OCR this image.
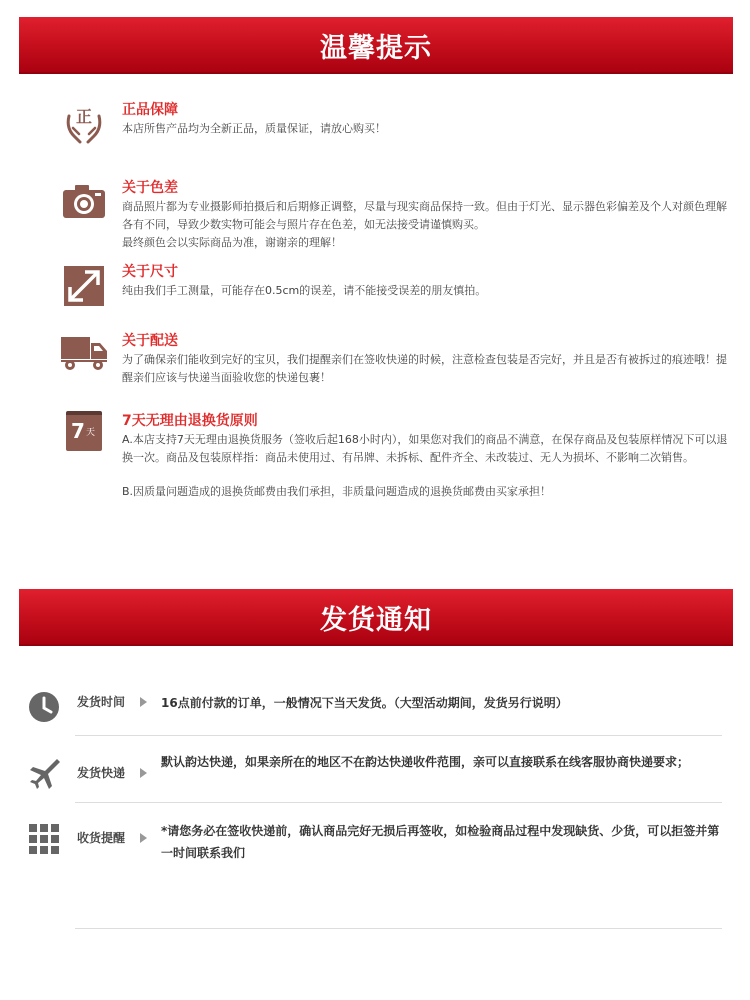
温馨提示
正 正品保障

本店所售产品均为全新正品，质量保证，请放心购买！

关于色差

商品照片都为专业摄影师拍摄后和后期修正调整，尽量与现实商品保持一致。但由于灯光、显示器色彩偏差及个人对颜色理解各有不同，导致少数实物可能会与照片存在色差，如无法接受请谨慎购买。

最终颜色会以实际商品为准，谢谢亲的理解！

关于尺寸

纯由我们手工测量，可能存在0.5cm的误差，请不能接受误差的朋友慎拍。

关于配送

为了确保亲们能收到完好的宝贝，我们提醒亲们在签收快递的时候，注意检查包装是否完好，并且是否有被拆过的痕迹哦！提醒亲们应该与快递当面验收您的快递包裹！

7 天
7天无理由退换货原则

A.本店支持7天无理由退换货服务（签收后起168小时内），如果您对我们的商品不满意，在保存商品及包装原样情况下可以退换一次。商品及包装原样指：商品未使用过、有吊牌、未拆标、配件齐全、未改装过、无人为损坏、不影响二次销售。

B.因质量问题造成的退换货邮费由我们承担，非质量问题造成的退换货邮费由买家承担！

发货通知
发货时间	16点前付款的订单，一般情况下当天发货。（大型活动期间，发货另行说明）
发货快递
默认韵达快递，如果亲所在的地区不在韵达快递收件范围，亲可以直接联系在线客服协商快递要求；
收货提醒	*请您务必在签收快递前，确认商品完好无损后再签收，如检验商品过程中发现缺货、少货，可以拒签并第一时间联系我们
